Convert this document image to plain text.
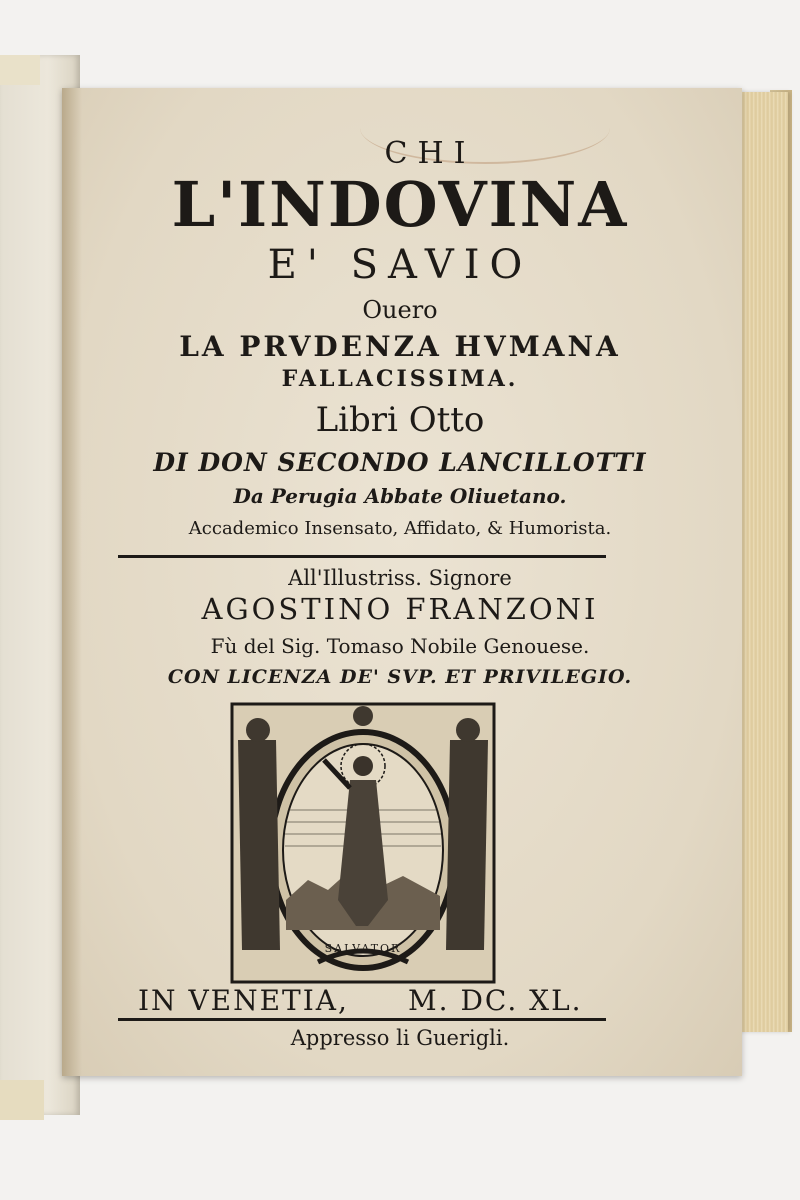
CHI
L'INDOVINA
E' SAVIO
Ouero
LA PRVDENZA HVMANA
FALLACISSIMA.
Libri Otto
DI DON SECONDO LANCILLOTTI
Da Perugia Abbate Oliuetano.
Accademico Insensato, Affidato, & Humorista.
All'Illustriss. Signore
AGOSTINO FRANZONI
Fù del Sig. Tomaso Nobile Genouese.
CON LICENZA DE' SVP. ET PRIVILEGIO.
SALVATOR
IN VENETIA, M. DC. XL.
Appresso li Guerigli.
